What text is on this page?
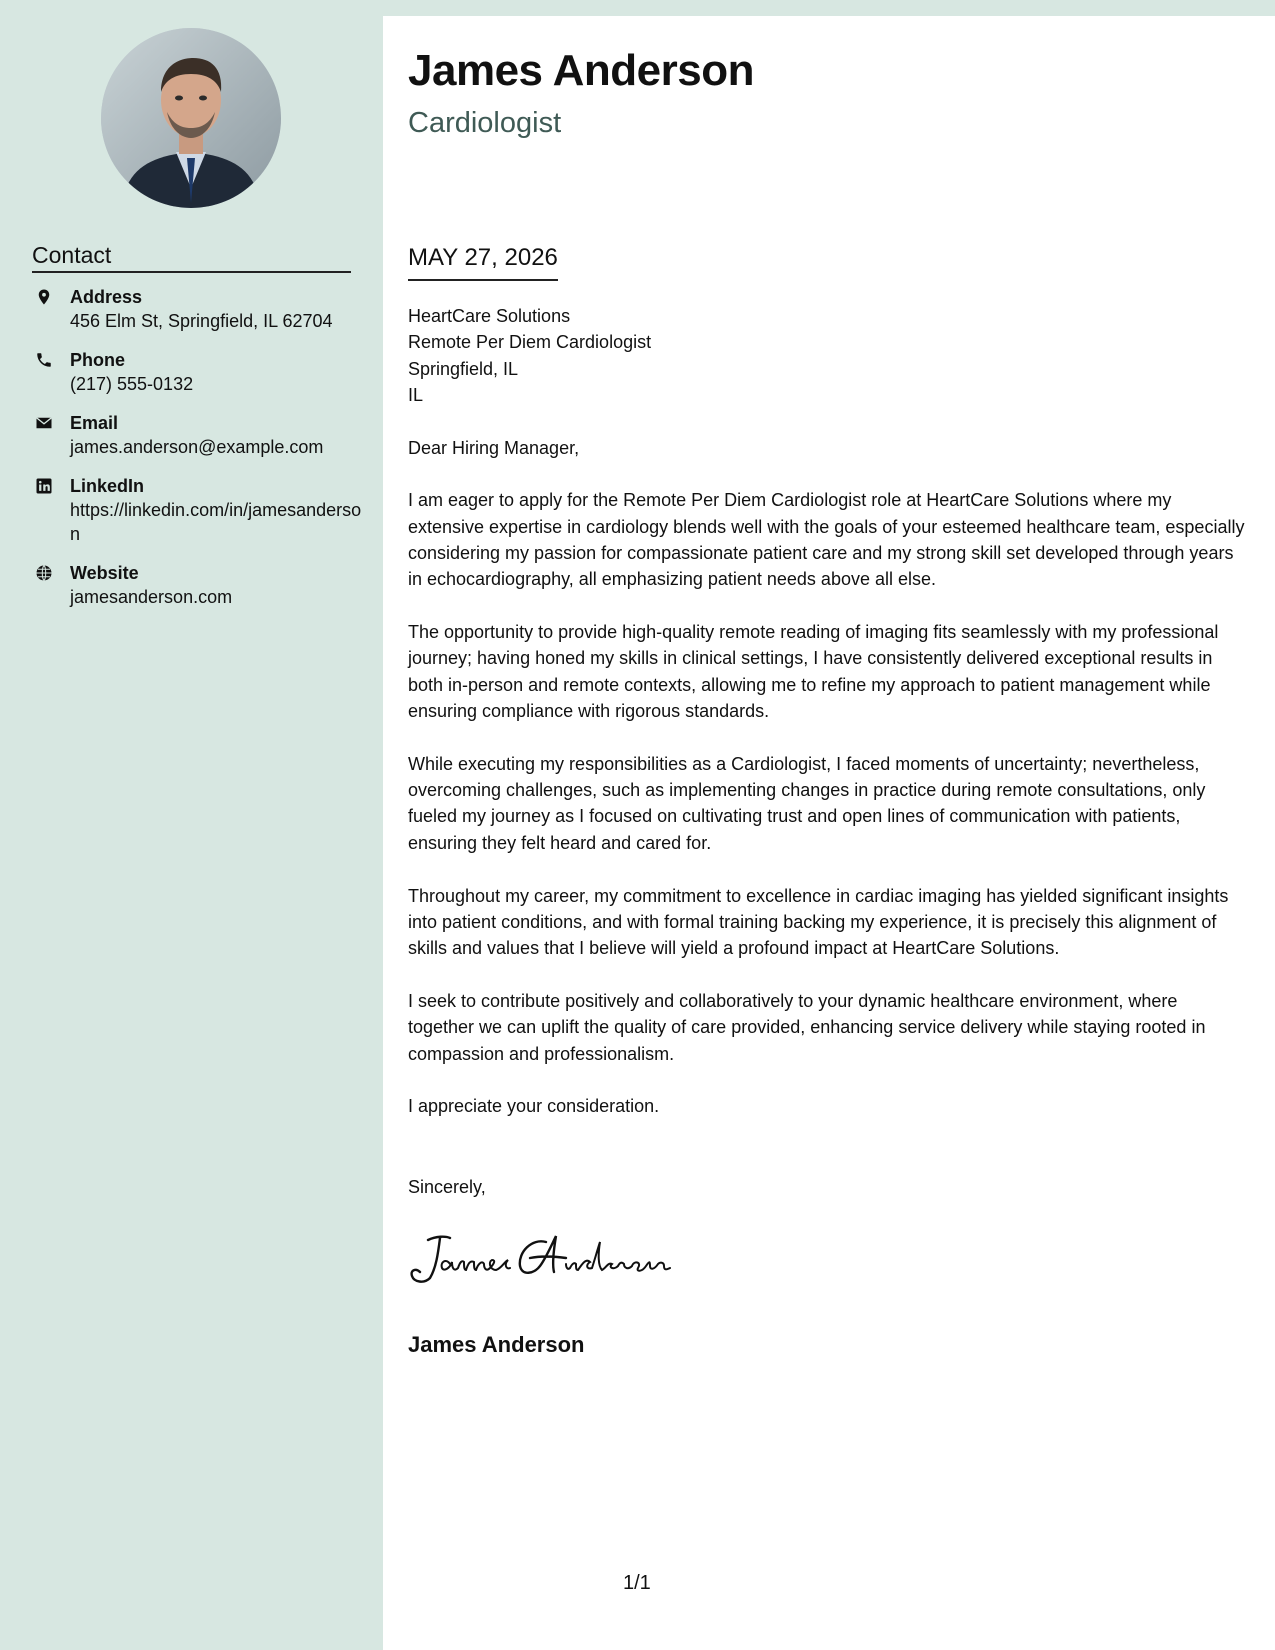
Contact
Address
456 Elm St, Springfield, IL 62704
Phone
(217) 555-0132
Email
james.anderson@example.com
LinkedIn
https://linkedin.com/in/jamesanderson
Website
jamesanderson.com
James Anderson
Cardiologist
MAY 27, 2026

HeartCare Solutions
Remote Per Diem Cardiologist
Springfield, IL
IL

Dear Hiring Manager,

I am eager to apply for the Remote Per Diem Cardiologist role at HeartCare Solutions where my extensive expertise in cardiology blends well with the goals of your esteemed healthcare team, especially considering my passion for compassionate patient care and my strong skill set developed through years in echocardiography, all emphasizing patient needs above all else.

The opportunity to provide high-quality remote reading of imaging fits seamlessly with my professional journey; having honed my skills in clinical settings, I have consistently delivered exceptional results in both in-person and remote contexts, allowing me to refine my approach to patient management while ensuring compliance with rigorous standards.

While executing my responsibilities as a Cardiologist, I faced moments of uncertainty; nevertheless, overcoming challenges, such as implementing changes in practice during remote consultations, only fueled my journey as I focused on cultivating trust and open lines of communication with patients, ensuring they felt heard and cared for.

Throughout my career, my commitment to excellence in cardiac imaging has yielded significant insights into patient conditions, and with formal training backing my experience, it is precisely this alignment of skills and values that I believe will yield a profound impact at HeartCare Solutions.

I seek to contribute positively and collaboratively to your dynamic healthcare environment, where together we can uplift the quality of care provided, enhancing service delivery while staying rooted in compassion and professionalism.

I appreciate your consideration.

Sincerely,
James Anderson
1/1
